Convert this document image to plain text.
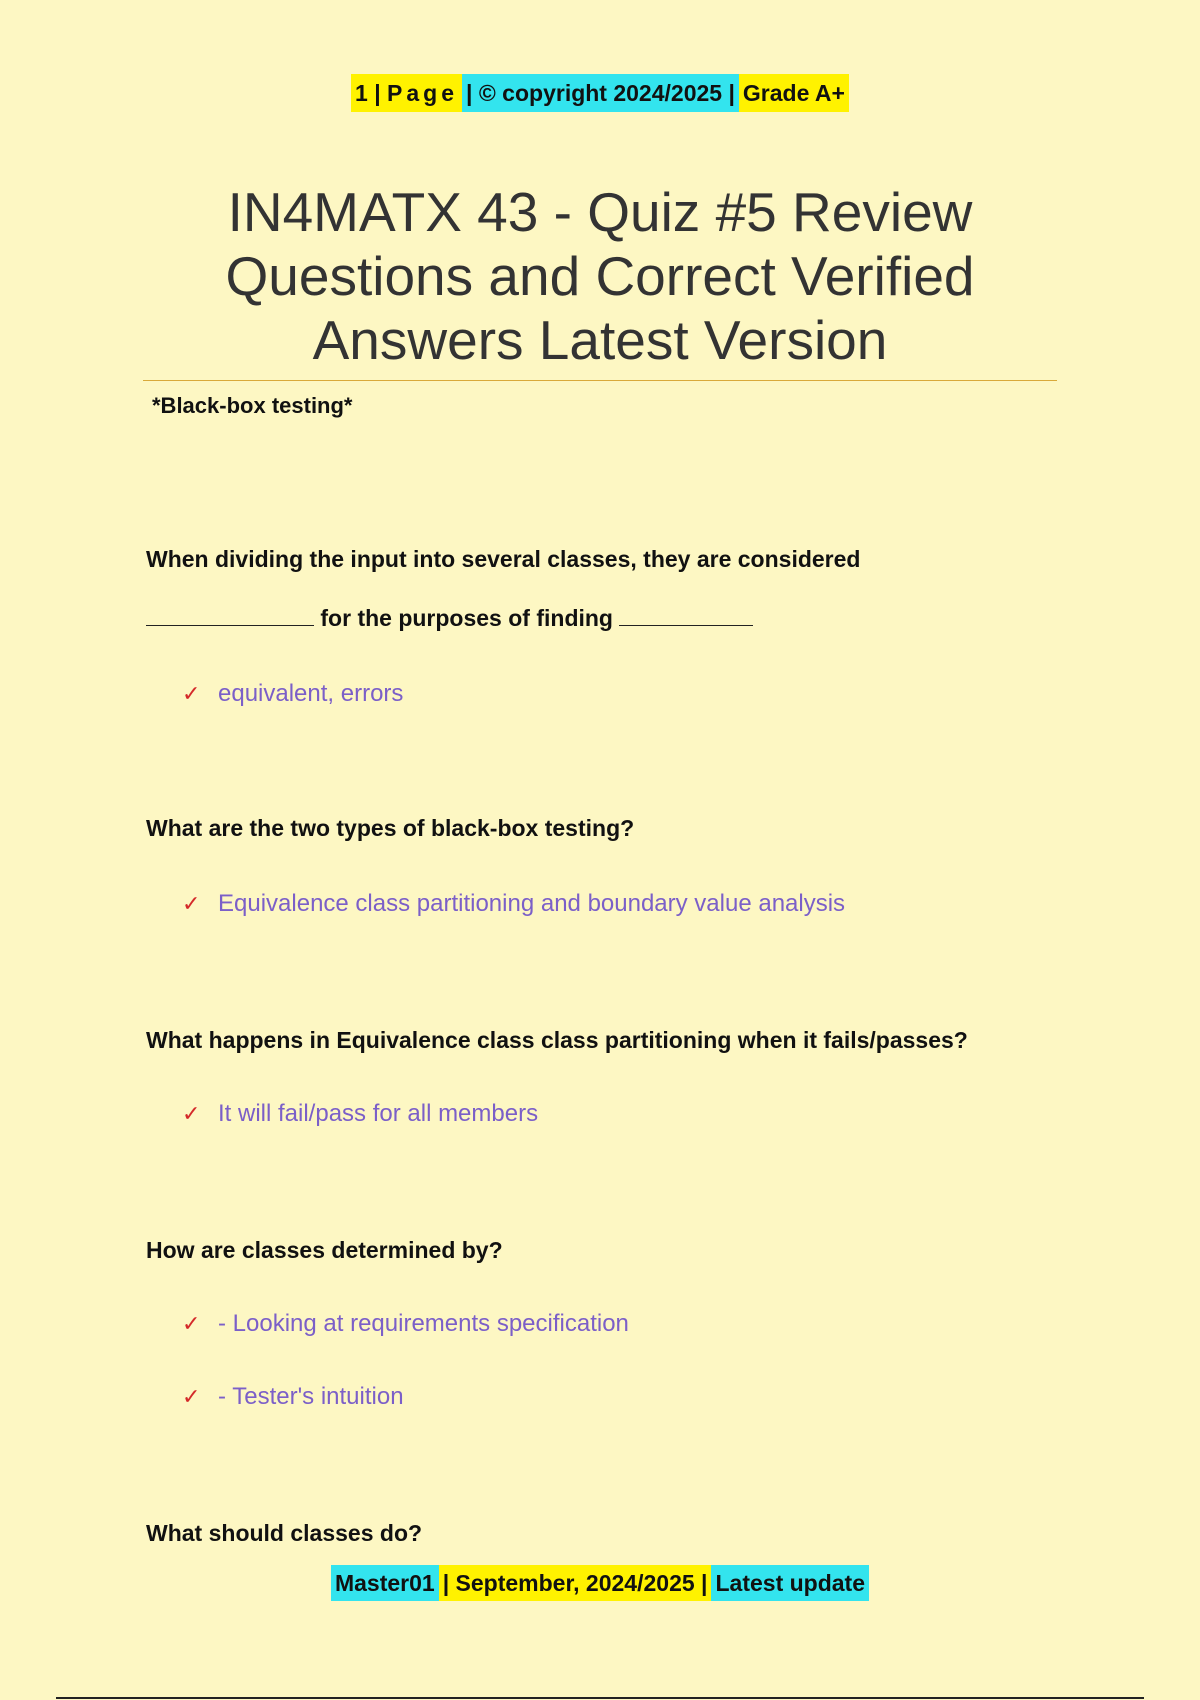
1 | Page | © copyright 2024/2025 | Grade A+
IN4MATX 43 - Quiz #5 Review Questions and Correct Verified Answers Latest Version
*Black-box testing*
When dividing the input into several classes, they are considered
for the purposes of finding
✓ equivalent, errors
What are the two types of black-box testing?
✓ Equivalence class partitioning and boundary value analysis
What happens in Equivalence class class partitioning when it fails/passes?
✓ It will fail/pass for all members
How are classes determined by?
✓ - Looking at requirements specification
✓ - Tester's intuition
What should classes do?
Master01 | September, 2024/2025 | Latest update
